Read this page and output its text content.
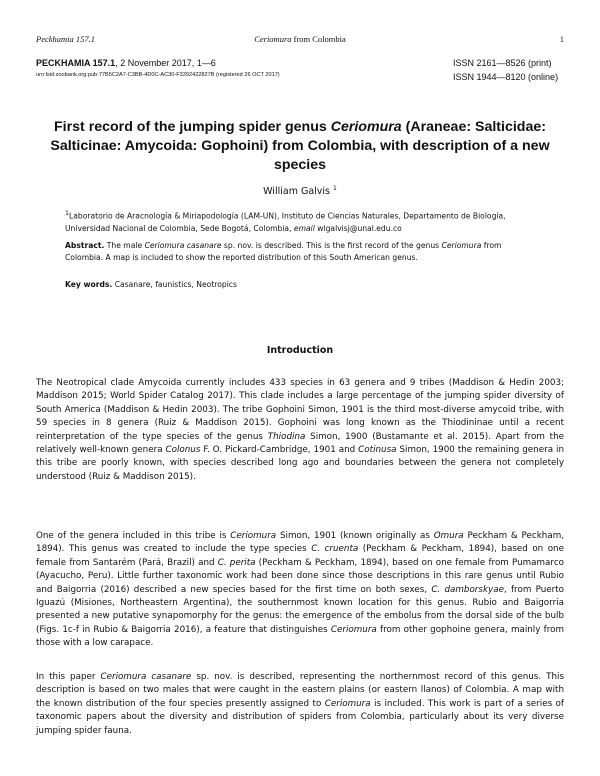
Peckhamia 157.1	Ceriomura from Colombia	1
PECKHAMIA 157.1, 2 November 2017, 1—6
urn:lsid:zoobank.org:pub:77B5C2A7-C3BB-4D0C-AC30-F3392422827B (registered 26 OCT 2017)
ISSN 2161—8526 (print)
ISSN 1944—8120 (online)
First record of the jumping spider genus Ceriomura (Araneae: Salticidae: Salticinae: Amycoida: Gophoini) from Colombia, with description of a new species
William Galvis $^1$
$^1$Laboratorio de Aracnología & Miriapodología (LAM-UN), Instituto de Ciencias Naturales, Departamento de Biología, Universidad Nacional de Colombia, Sede Bogotá, Colombia, email wlgalvisj@unal.edu.co
Abstract. The male Ceriomura casanare sp. nov. is described. This is the first record of the genus Ceriomura from Colombia. A map is included to show the reported distribution of this South American genus.
Key words. Casanare, faunistics, Neotropics
Introduction
The Neotropical clade Amycoida currently includes 433 species in 63 genera and 9 tribes (Maddison & Hedin 2003; Maddison 2015; World Spider Catalog 2017). This clade includes a large percentage of the jumping spider diversity of South America (Maddison & Hedin 2003). The tribe Gophoini Simon, 1901 is the third most-diverse amycoid tribe, with 59 species in 8 genera (Ruiz & Maddison 2015). Gophoini was long known as the Thiodininae until a recent reinterpretation of the type species of the genus Thiodina Simon, 1900 (Bustamante et al. 2015). Apart from the relatively well-known genera Colonus F. O. Pickard-Cambridge, 1901 and Cotinusa Simon, 1900 the remaining genera in this tribe are poorly known, with species described long ago and boundaries between the genera not completely understood (Ruiz & Maddison 2015).
One of the genera included in this tribe is Ceriomura Simon, 1901 (known originally as Omura Peckham & Peckham, 1894). This genus was created to include the type species C. cruenta (Peckham & Peckham, 1894), based on one female from Santarém (Pará, Brazil) and C. perita (Peckham & Peckham, 1894), based on one female from Pumamarco (Ayacucho, Peru). Little further taxonomic work had been done since those descriptions in this rare genus until Rubio and Baigorria (2016) described a new species based for the first time on both sexes, C. damborskyae, from Puerto Iguazú (Misiones, Northeastern Argentina), the southernmost known location for this genus. Rubio and Baigorria presented a new putative synapomorphy for the genus: the emergence of the embolus from the dorsal side of the bulb (Figs. 1c-f in Rubio & Baigorria 2016), a feature that distinguishes Ceriomura from other gophoine genera, mainly from those with a low carapace.
In this paper Ceriomura casanare sp. nov. is described, representing the northernmost record of this genus. This description is based on two males that were caught in the eastern plains (or eastern llanos) of Colombia. A map with the known distribution of the four species presently assigned to Ceriomura is included. This work is part of a series of taxonomic papers about the diversity and distribution of spiders from Colombia, particularly about its very diverse jumping spider fauna.
